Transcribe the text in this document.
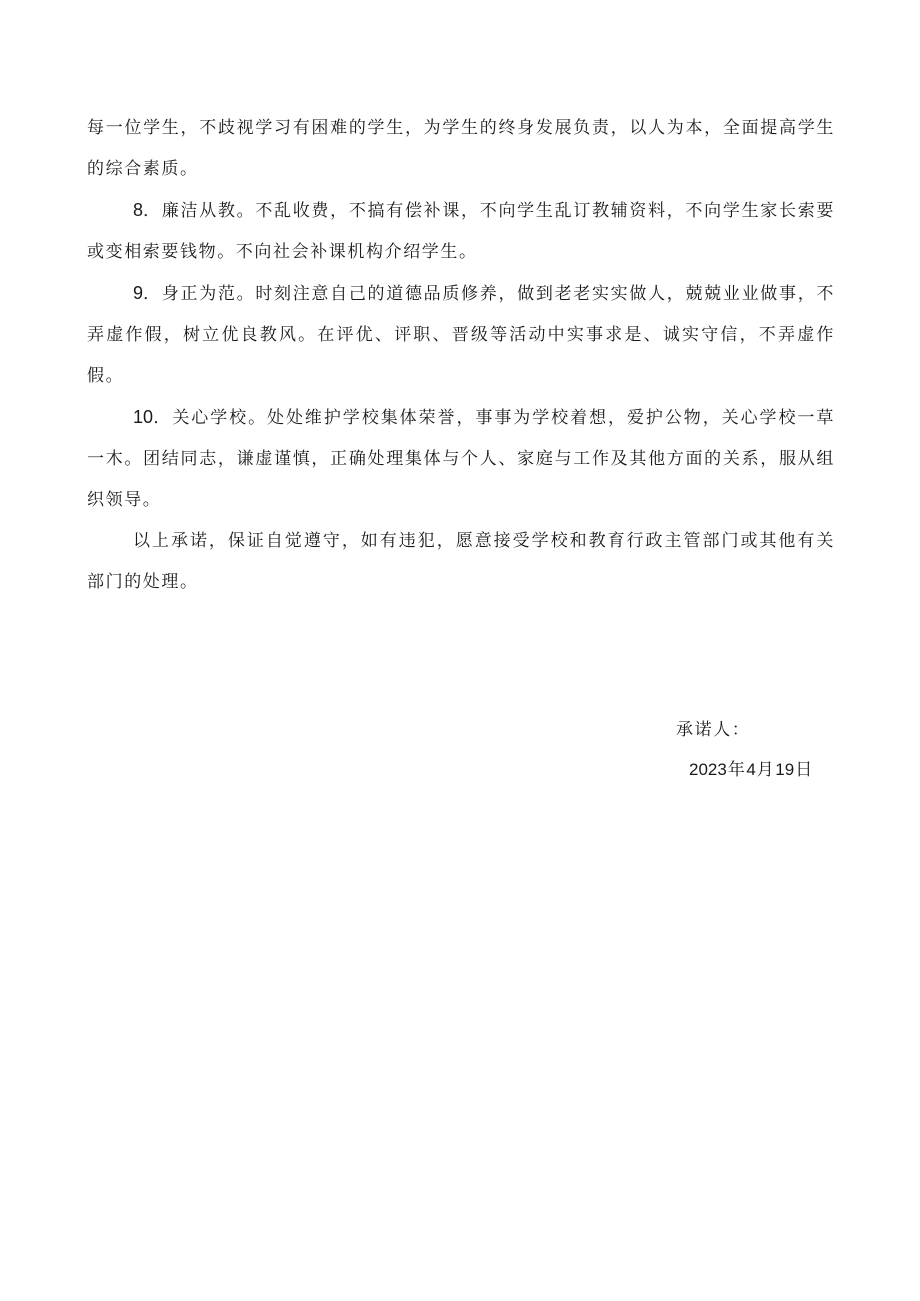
每一位学生，不歧视学习有困难的学生，为学生的终身发展负责，以人为本，全面提高学生的综合素质。

8．廉洁从教。不乱收费，不搞有偿补课，不向学生乱订教辅资料，不向学生家长索要或变相索要钱物。不向社会补课机构介绍学生。

9．身正为范。时刻注意自己的道德品质修养，做到老老实实做人，兢兢业业做事，不弄虚作假，树立优良教风。在评优、评职、晋级等活动中实事求是、诚实守信，不弄虚作假。

10．关心学校。处处维护学校集体荣誉，事事为学校着想，爱护公物，关心学校一草一木。团结同志，谦虚谨慎，正确处理集体与个人、家庭与工作及其他方面的关系，服从组织领导。

以上承诺，保证自觉遵守，如有违犯，愿意接受学校和教育行政主管部门或其他有关部门的处理。

承诺人：
2023年4月19日
